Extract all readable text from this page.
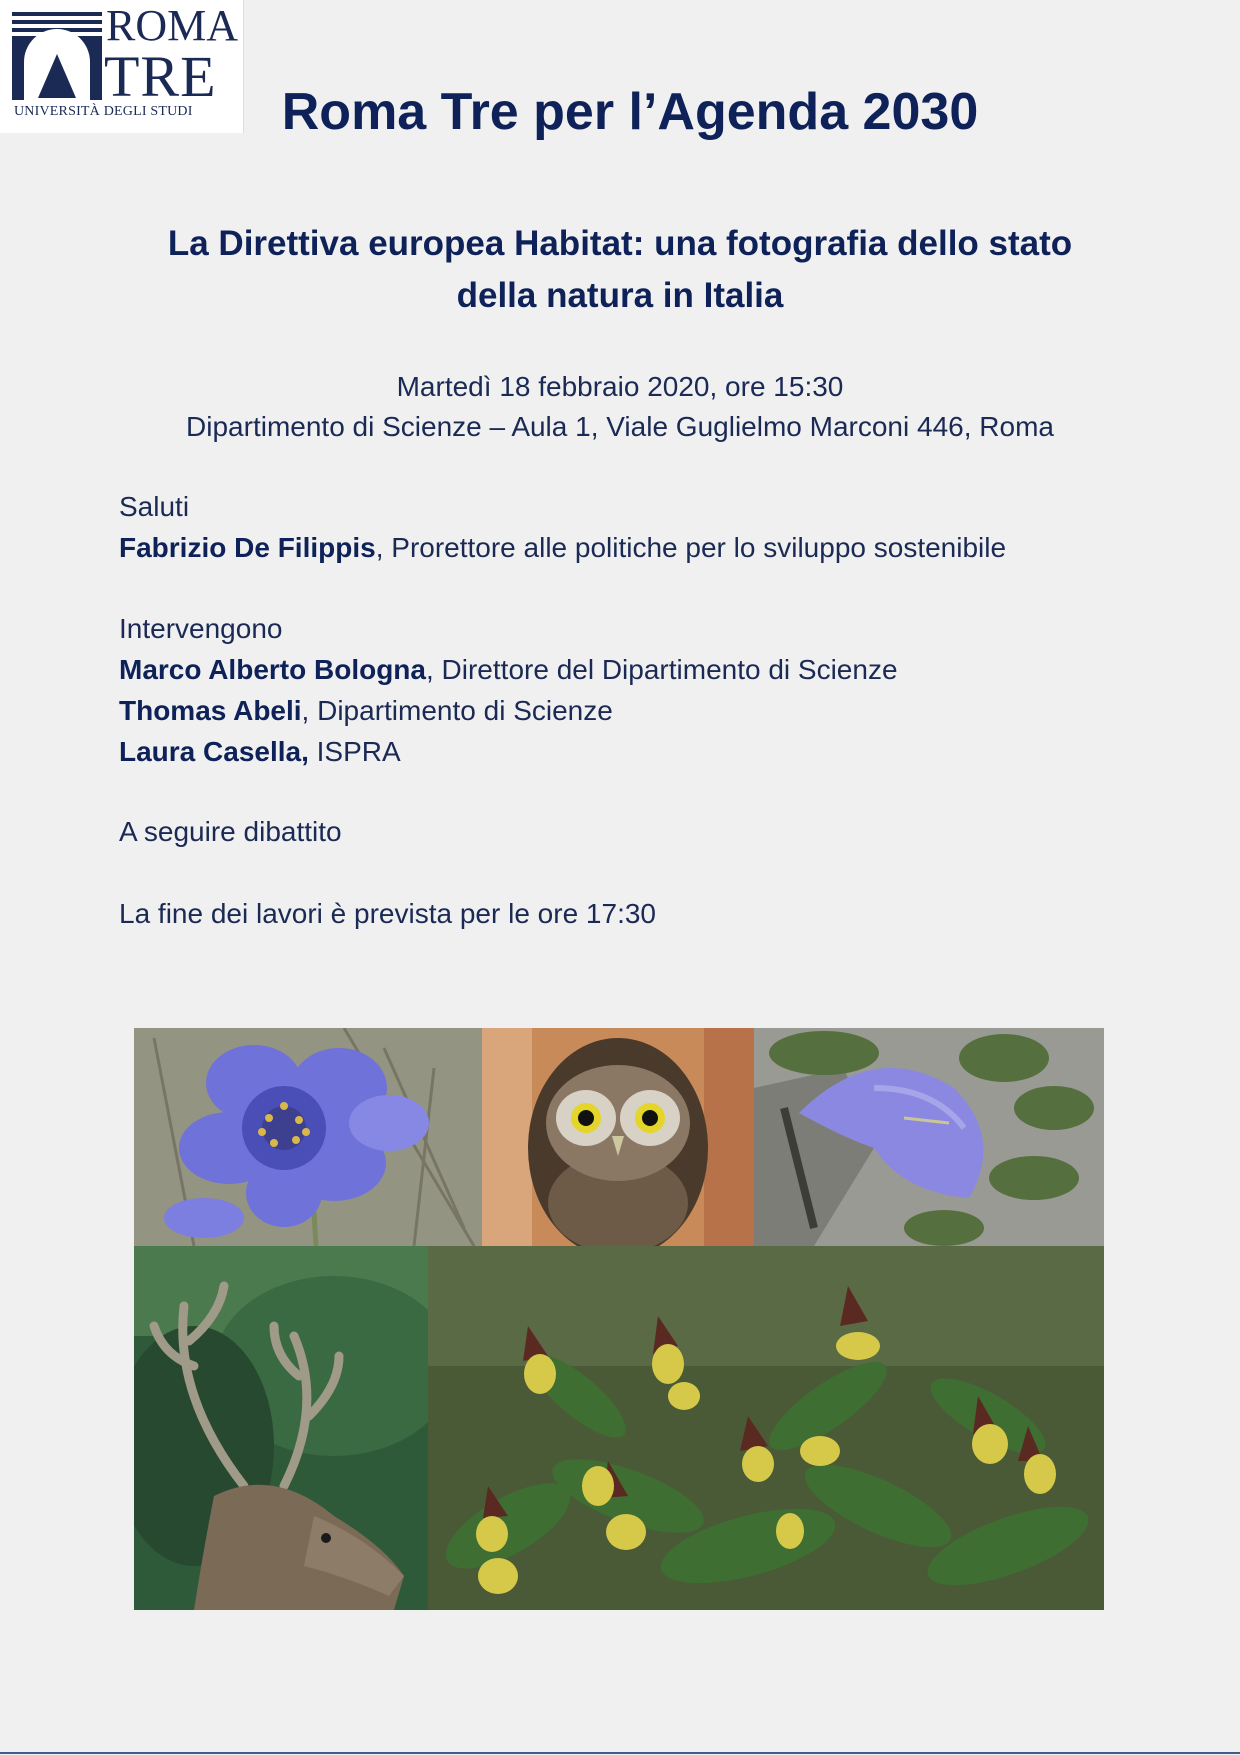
ROMA
TRE
UNIVERSITÀ DEGLI STUDI	Roma Tre per l’Agenda 2030
La Direttiva europea Habitat: una fotografia dello stato
della natura in Italia
Martedì 18 febbraio 2020, ore 15:30
Dipartimento di Scienze – Aula 1, Viale Guglielmo Marconi 446, Roma
Saluti
Fabrizio De Filippis, Prorettore alle politiche per lo sviluppo sostenibile
Intervengono
Marco Alberto Bologna, Direttore del Dipartimento di Scienze
Thomas Abeli, Dipartimento di Scienze
Laura Casella, ISPRA
A seguire dibattito
La fine dei lavori è prevista per le ore 17:30
